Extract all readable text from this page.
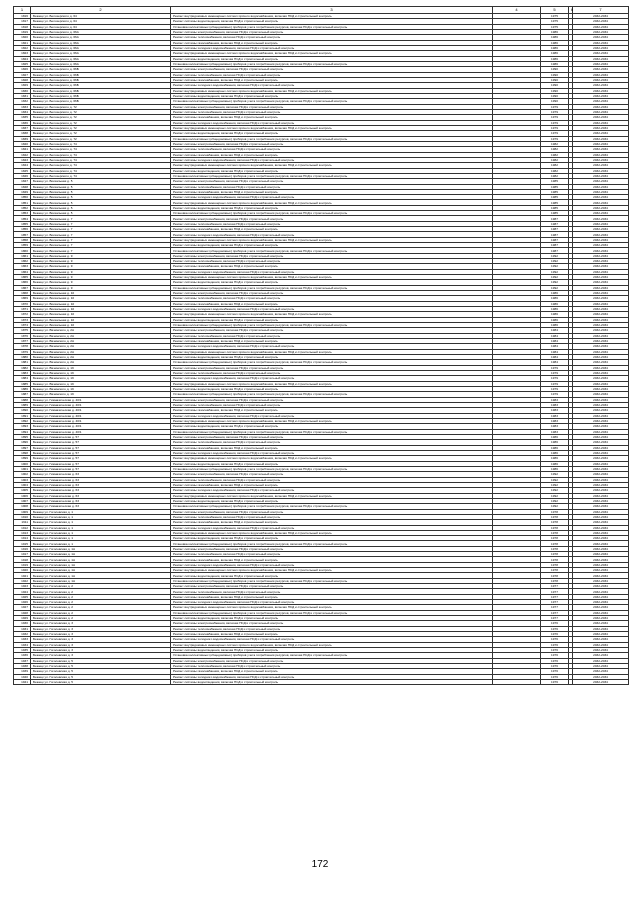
1	2	3	4	5	6	7
1816	Бежецк ул. Белозерского д. 64	Ремонт внутридомовых инженерных систем горячего водоснабжения, включая ПСД и строительный контроль		1975		2032-2034
1817	Бежецк ул. Белозерского д. 64	Ремонт системы водоотведения, включая ПСД и строительный контроль		1975		2032-2034
1818	Бежецк ул. Белозерского д. 64	Установка коллективных (общедомовых) приборов учета потребления ресурсов, включая ПСД и строительный контроль		1975		2032-2034
1819	Бежецк ул. Белозерского д. 66А	Ремонт системы электроснабжения, включая ПСД и строительный контроль		1986		2032-2034
1820	Бежецк ул. Белозерского д. 66А	Ремонт системы теплоснабжения, включая ПСД и строительный контроль		1986		2032-2034
1821	Бежецк ул. Белозерского д. 66А	Ремонт системы газоснабжения, включая ПСД и строительный контроль		1986		2032-2034
1822	Бежецк ул. Белозерского д. 66А	Ремонт системы холодного водоснабжения, включая ПСД и строительный контроль		1986		2032-2034
1823	Бежецк ул. Белозерского д. 66А	Ремонт внутридомовых инженерных систем горячего водоснабжения, включая ПСД и строительный контроль		1986		2032-2034
1824	Бежецк ул. Белозерского д. 66А	Ремонт системы водоотведения, включая ПСД и строительный контроль		1986		2032-2034
1825	Бежецк ул. Белозерского д. 66А	Установка коллективных (общедомовых) приборов учета потребления ресурсов, включая ПСД и строительный контроль		1986		2032-2034
1826	Бежецк ул. Белозерского д. 66Б	Ремонт системы электроснабжения, включая ПСД и строительный контроль		1990		2032-2034
1827	Бежецк ул. Белозерского д. 66Б	Ремонт системы теплоснабжения, включая ПСД и строительный контроль		1990		2032-2034
1828	Бежецк ул. Белозерского д. 66Б	Ремонт системы газоснабжения, включая ПСД и строительный контроль		1990		2032-2034
1829	Бежецк ул. Белозерского д. 66Б	Ремонт системы холодного водоснабжения, включая ПСД и строительный контроль		1990		2032-2034
1830	Бежецк ул. Белозерского д. 66Б	Ремонт внутридомовых инженерных систем горячего водоснабжения, включая ПСД и строительный контроль		1990		2032-2034
1831	Бежецк ул. Белозерского д. 66Б	Ремонт системы водоотведения, включая ПСД и строительный контроль		1990		2032-2034
1832	Бежецк ул. Белозерского д. 66Б	Установка коллективных (общедомовых) приборов учета потребления ресурсов, включая ПСД и строительный контроль		1990		2032-2034
1833	Бежецк ул. Белозерского д. 72	Ремонт системы электроснабжения, включая ПСД и строительный контроль		1979		2032-2034
1834	Бежецк ул. Белозерского д. 72	Ремонт системы теплоснабжения, включая ПСД и строительный контроль		1979		2032-2034
1835	Бежецк ул. Белозерского д. 72	Ремонт системы газоснабжения, включая ПСД и строительный контроль		1979		2032-2034
1836	Бежецк ул. Белозерского д. 72	Ремонт системы холодного водоснабжения, включая ПСД и строительный контроль		1979		2032-2034
1837	Бежецк ул. Белозерского д. 72	Ремонт внутридомовых инженерных систем горячего водоснабжения, включая ПСД и строительный контроль		1979		2032-2034
1838	Бежецк ул. Белозерского д. 72	Ремонт системы водоотведения, включая ПСД и строительный контроль		1979		2032-2034
1839	Бежецк ул. Белозерского д. 72	Установка коллективных (общедомовых) приборов учета потребления ресурсов, включая ПСД и строительный контроль		1979		2032-2034
1840	Бежецк ул. Белозерского д. 74	Ремонт системы электроснабжения, включая ПСД и строительный контроль		1982		2032-2034
1841	Бежецк ул. Белозерского д. 74	Ремонт системы теплоснабжения, включая ПСД и строительный контроль		1982		2032-2034
1842	Бежецк ул. Белозерского д. 74	Ремонт системы газоснабжения, включая ПСД и строительный контроль		1982		2032-2034
1843	Бежецк ул. Белозерского д. 74	Ремонт системы холодного водоснабжения, включая ПСД и строительный контроль		1982		2032-2034
1844	Бежецк ул. Белозерского д. 74	Ремонт внутридомовых инженерных систем горячего водоснабжения, включая ПСД и строительный контроль		1982		2032-2034
1845	Бежецк ул. Белозерского д. 74	Ремонт системы водоотведения, включая ПСД и строительный контроль		1982		2032-2034
1846	Бежецк ул. Белозерского д. 74	Установка коллективных (общедомовых) приборов учета потребления ресурсов, включая ПСД и строительный контроль		1982		2032-2034
1847	Бежецк ул. Вокзальная д. 5	Ремонт системы электроснабжения, включая ПСД и строительный контроль		1985		2032-2034
1848	Бежецк ул. Вокзальная д. 5	Ремонт системы теплоснабжения, включая ПСД и строительный контроль		1985		2032-2034
1849	Бежецк ул. Вокзальная д. 5	Ремонт системы газоснабжения, включая ПСД и строительный контроль		1985		2032-2034
1850	Бежецк ул. Вокзальная д. 5	Ремонт системы холодного водоснабжения, включая ПСД и строительный контроль		1985		2032-2034
1851	Бежецк ул. Вокзальная д. 5	Ремонт внутридомовых инженерных систем горячего водоснабжения, включая ПСД и строительный контроль		1985		2032-2034
1852	Бежецк ул. Вокзальная д. 5	Ремонт системы водоотведения, включая ПСД и строительный контроль		1985		2032-2034
1853	Бежецк ул. Вокзальная д. 5	Установка коллективных (общедомовых) приборов учета потребления ресурсов, включая ПСД и строительный контроль		1985		2032-2034
1854	Бежецк ул. Вокзальная д. 7	Ремонт системы электроснабжения, включая ПСД и строительный контроль		1987		2032-2034
1855	Бежецк ул. Вокзальная д. 7	Ремонт системы теплоснабжения, включая ПСД и строительный контроль		1987		2032-2034
1856	Бежецк ул. Вокзальная д. 7	Ремонт системы газоснабжения, включая ПСД и строительный контроль		1987		2032-2034
1857	Бежецк ул. Вокзальная д. 7	Ремонт системы холодного водоснабжения, включая ПСД и строительный контроль		1987		2032-2034
1858	Бежецк ул. Вокзальная д. 7	Ремонт внутридомовых инженерных систем горячего водоснабжения, включая ПСД и строительный контроль		1987		2032-2034
1859	Бежецк ул. Вокзальная д. 7	Ремонт системы водоотведения, включая ПСД и строительный контроль		1987		2032-2034
1860	Бежецк ул. Вокзальная д. 7	Установка коллективных (общедомовых) приборов учета потребления ресурсов, включая ПСД и строительный контроль		1987		2032-2034
1861	Бежецк ул. Вокзальная д. 9	Ремонт системы электроснабжения, включая ПСД и строительный контроль		1992		2032-2034
1862	Бежецк ул. Вокзальная д. 9	Ремонт системы теплоснабжения, включая ПСД и строительный контроль		1992		2032-2034
1863	Бежецк ул. Вокзальная д. 9	Ремонт системы газоснабжения, включая ПСД и строительный контроль		1992		2032-2034
1864	Бежецк ул. Вокзальная д. 9	Ремонт системы холодного водоснабжения, включая ПСД и строительный контроль		1992		2032-2034
1865	Бежецк ул. Вокзальная д. 9	Ремонт внутридомовых инженерных систем горячего водоснабжения, включая ПСД и строительный контроль		1992		2032-2034
1866	Бежецк ул. Вокзальная д. 9	Ремонт системы водоотведения, включая ПСД и строительный контроль		1992		2032-2034
1867	Бежецк ул. Вокзальная д. 9	Установка коллективных (общедомовых) приборов учета потребления ресурсов, включая ПСД и строительный контроль		1992		2032-2034
1868	Бежецк ул. Вокзальная д. 10	Ремонт системы электроснабжения, включая ПСД и строительный контроль		1986		2032-2034
1869	Бежецк ул. Вокзальная д. 10	Ремонт системы теплоснабжения, включая ПСД и строительный контроль		1986		2032-2034
1870	Бежецк ул. Вокзальная д. 10	Ремонт системы газоснабжения, включая ПСД и строительный контроль		1986		2032-2034
1871	Бежецк ул. Вокзальная д. 10	Ремонт системы холодного водоснабжения, включая ПСД и строительный контроль		1986		2032-2034
1872	Бежецк ул. Вокзальная д. 10	Ремонт внутридомовых инженерных систем горячего водоснабжения, включая ПСД и строительный контроль		1986		2032-2034
1873	Бежецк ул. Вокзальная д. 10	Ремонт системы водоотведения, включая ПСД и строительный контроль		1986		2032-2034
1874	Бежецк ул. Вокзальная д. 10	Установка коллективных (общедомовых) приборов учета потребления ресурсов, включая ПСД и строительный контроль		1986		2032-2034
1875	Бежецк ул. Вяземского д. 2А	Ремонт системы электроснабжения, включая ПСД и строительный контроль		1984		2032-2034
1876	Бежецк ул. Вяземского д. 2А	Ремонт системы теплоснабжения, включая ПСД и строительный контроль		1984		2032-2034
1877	Бежецк ул. Вяземского д. 2А	Ремонт системы газоснабжения, включая ПСД и строительный контроль		1984		2032-2034
1878	Бежецк ул. Вяземского д. 2А	Ремонт системы холодного водоснабжения, включая ПСД и строительный контроль		1984		2032-2034
1879	Бежецк ул. Вяземского д. 2А	Ремонт внутридомовых инженерных систем горячего водоснабжения, включая ПСД и строительный контроль		1984		2032-2034
1880	Бежецк ул. Вяземского д. 2А	Ремонт системы водоотведения, включая ПСД и строительный контроль		1984		2032-2034
1881	Бежецк ул. Вяземского д. 2А	Установка коллективных (общедомовых) приборов учета потребления ресурсов, включая ПСД и строительный контроль		1984		2032-2034
1882	Бежецк ул. Вяземского д. 19	Ремонт системы электроснабжения, включая ПСД и строительный контроль		1979		2032-2034
1883	Бежецк ул. Вяземского д. 19	Ремонт системы теплоснабжения, включая ПСД и строительный контроль		1979		2032-2034
1884	Бежецк ул. Вяземского д. 19	Ремонт системы холодного водоснабжения, включая ПСД и строительный контроль		1979		2032-2034
1885	Бежецк ул. Вяземского д. 19	Ремонт внутридомовых инженерных систем горячего водоснабжения, включая ПСД и строительный контроль		1979		2032-2034
1886	Бежецк ул. Вяземского д. 19	Ремонт системы водоотведения, включая ПСД и строительный контроль		1979		2032-2034
1887	Бежецк ул. Вяземского д. 19	Установка коллективных (общедомовых) приборов учета потребления ресурсов, включая ПСД и строительный контроль		1979		2032-2034
1888	Бежецк ул. Гимназическая д. 40/1	Ремонт системы электроснабжения, включая ПСД и строительный контроль		1983		2032-2034
1889	Бежецк ул. Гимназическая д. 40/1	Ремонт системы теплоснабжения, включая ПСД и строительный контроль		1983		2032-2034
1890	Бежецк ул. Гимназическая д. 40/1	Ремонт системы газоснабжения, включая ПСД и строительный контроль		1983		2032-2034
1891	Бежецк ул. Гимназическая д. 40/1	Ремонт системы холодного водоснабжения, включая ПСД и строительный контроль		1983		2032-2034
1892	Бежецк ул. Гимназическая д. 40/1	Ремонт внутридомовых инженерных систем горячего водоснабжения, включая ПСД и строительный контроль		1983		2032-2034
1893	Бежецк ул. Гимназическая д. 40/1	Ремонт системы водоотведения, включая ПСД и строительный контроль		1983		2032-2034
1894	Бежецк ул. Гимназическая д. 40/1	Установка коллективных (общедомовых) приборов учета потребления ресурсов, включая ПСД и строительный контроль		1983		2032-2034
1895	Бежецк ул. Гимназическая д. 57	Ремонт системы электроснабжения, включая ПСД и строительный контроль		1986		2032-2034
1896	Бежецк ул. Гимназическая д. 57	Ремонт системы теплоснабжения, включая ПСД и строительный контроль		1986		2032-2034
1897	Бежецк ул. Гимназическая д. 57	Ремонт системы газоснабжения, включая ПСД и строительный контроль		1986		2032-2034
1898	Бежецк ул. Гимназическая д. 57	Ремонт системы холодного водоснабжения, включая ПСД и строительный контроль		1986		2032-2034
1899	Бежецк ул. Гимназическая д. 57	Ремонт внутридомовых инженерных систем горячего водоснабжения, включая ПСД и строительный контроль		1986		2032-2034
1900	Бежецк ул. Гимназическая д. 57	Ремонт системы водоотведения, включая ПСД и строительный контроль		1986		2032-2034
1901	Бежецк ул. Гимназическая д. 57	Установка коллективных (общедомовых) приборов учета потребления ресурсов, включая ПСД и строительный контроль		1986		2032-2034
1902	Бежецк ул. Гимназическая д. 63	Ремонт системы электроснабжения, включая ПСД и строительный контроль		1992		2032-2034
1903	Бежецк ул. Гимназическая д. 63	Ремонт системы теплоснабжения, включая ПСД и строительный контроль		1992		2032-2034
1904	Бежецк ул. Гимназическая д. 63	Ремонт системы газоснабжения, включая ПСД и строительный контроль		1992		2032-2034
1905	Бежецк ул. Гимназическая д. 63	Ремонт системы холодного водоснабжения, включая ПСД и строительный контроль		1992		2032-2034
1906	Бежецк ул. Гимназическая д. 63	Ремонт внутридомовых инженерных систем горячего водоснабжения, включая ПСД и строительный контроль		1992		2032-2034
1907	Бежецк ул. Гимназическая д. 63	Ремонт системы водоотведения, включая ПСД и строительный контроль		1992		2032-2034
1908	Бежецк ул. Гимназическая д. 63	Установка коллективных (общедомовых) приборов учета потребления ресурсов, включая ПСД и строительный контроль		1992		2032-2034
1909	Бежецк ул. Гоголевская д. 1	Ремонт системы электроснабжения, включая ПСД и строительный контроль		1978		2032-2034
1910	Бежецк ул. Гоголевская д. 1	Ремонт системы теплоснабжения, включая ПСД и строительный контроль		1978		2032-2034
1911	Бежецк ул. Гоголевская д. 1	Ремонт системы газоснабжения, включая ПСД и строительный контроль		1978		2032-2034
1912	Бежецк ул. Гоголевская д. 1	Ремонт системы холодного водоснабжения, включая ПСД и строительный контроль		1978		2032-2034
1913	Бежецк ул. Гоголевская д. 1	Ремонт внутридомовых инженерных систем горячего водоснабжения, включая ПСД и строительный контроль		1978		2032-2034
1914	Бежецк ул. Гоголевская д. 1	Ремонт системы водоотведения, включая ПСД и строительный контроль		1978		2032-2034
1915	Бежецк ул. Гоголевская д. 1	Установка коллективных (общедомовых) приборов учета потребления ресурсов, включая ПСД и строительный контроль		1978		2032-2034
1916	Бежецк ул. Гоголевская д. 1А	Ремонт системы электроснабжения, включая ПСД и строительный контроль		1978		2032-2034
1917	Бежецк ул. Гоголевская д. 1А	Ремонт системы теплоснабжения, включая ПСД и строительный контроль		1978		2032-2034
1918	Бежецк ул. Гоголевская д. 1А	Ремонт системы газоснабжения, включая ПСД и строительный контроль		1978		2032-2034
1919	Бежецк ул. Гоголевская д. 1А	Ремонт системы холодного водоснабжения, включая ПСД и строительный контроль		1978		2032-2034
1920	Бежецк ул. Гоголевская д. 1А	Ремонт внутридомовых инженерных систем горячего водоснабжения, включая ПСД и строительный контроль		1978		2032-2034
1921	Бежецк ул. Гоголевская д. 1А	Ремонт системы водоотведения, включая ПСД и строительный контроль		1978		2032-2034
1922	Бежецк ул. Гоголевская д. 1А	Установка коллективных (общедомовых) приборов учета потребления ресурсов, включая ПСД и строительный контроль		1978		2032-2034
1923	Бежецк ул. Гоголевская д. 2	Ремонт системы электроснабжения, включая ПСД и строительный контроль		1977		2032-2034
1924	Бежецк ул. Гоголевская д. 2	Ремонт системы теплоснабжения, включая ПСД и строительный контроль		1977		2032-2034
1925	Бежецк ул. Гоголевская д. 2	Ремонт системы газоснабжения, включая ПСД и строительный контроль		1977		2032-2034
1926	Бежецк ул. Гоголевская д. 2	Ремонт системы холодного водоснабжения, включая ПСД и строительный контроль		1977		2032-2034
1927	Бежецк ул. Гоголевская д. 2	Ремонт внутридомовых инженерных систем горячего водоснабжения, включая ПСД и строительный контроль		1977		2032-2034
1928	Бежецк ул. Гоголевская д. 2	Установка коллективных (общедомовых) приборов учета потребления ресурсов, включая ПСД и строительный контроль		1977		2032-2034
1929	Бежецк ул. Гоголевская д. 2	Ремонт системы водоотведения, включая ПСД и строительный контроль		1977		2032-2034
1930	Бежецк ул. Гоголевская д. 3	Ремонт системы электроснабжения, включая ПСД и строительный контроль		1976		2032-2034
1931	Бежецк ул. Гоголевская д. 3	Ремонт системы теплоснабжения, включая ПСД и строительный контроль		1976		2032-2034
1932	Бежецк ул. Гоголевская д. 3	Ремонт системы газоснабжения, включая ПСД и строительный контроль		1976		2032-2034
1933	Бежецк ул. Гоголевская д. 3	Ремонт системы холодного водоснабжения, включая ПСД и строительный контроль		1976		2032-2034
1934	Бежецк ул. Гоголевская д. 3	Ремонт внутридомовых инженерных систем горячего водоснабжения, включая ПСД и строительный контроль		1976		2032-2034
1935	Бежецк ул. Гоголевская д. 3	Ремонт системы водоотведения, включая ПСД и строительный контроль		1976		2032-2034
1936	Бежецк ул. Гоголевская д. 3	Установка коллективных (общедомовых) приборов учета потребления ресурсов, включая ПСД и строительный контроль		1976		2032-2034
1937	Бежецк ул. Гоголевская д. 5	Ремонт системы электроснабжения, включая ПСД и строительный контроль		1976		2032-2034
1938	Бежецк ул. Гоголевская д. 5	Ремонт системы теплоснабжения, включая ПСД и строительный контроль		1976		2032-2034
1939	Бежецк ул. Гоголевская д. 5	Ремонт системы газоснабжения, включая ПСД и строительный контроль		1976		2032-2034
1940	Бежецк ул. Гоголевская д. 5	Ремонт системы холодного водоснабжения, включая ПСД и строительный контроль		1976		2032-2034
1941	Бежецк ул. Гоголевская д. 5	Ремонт системы водоотведения, включая ПСД и строительный контроль		1976		2032-2034
172
